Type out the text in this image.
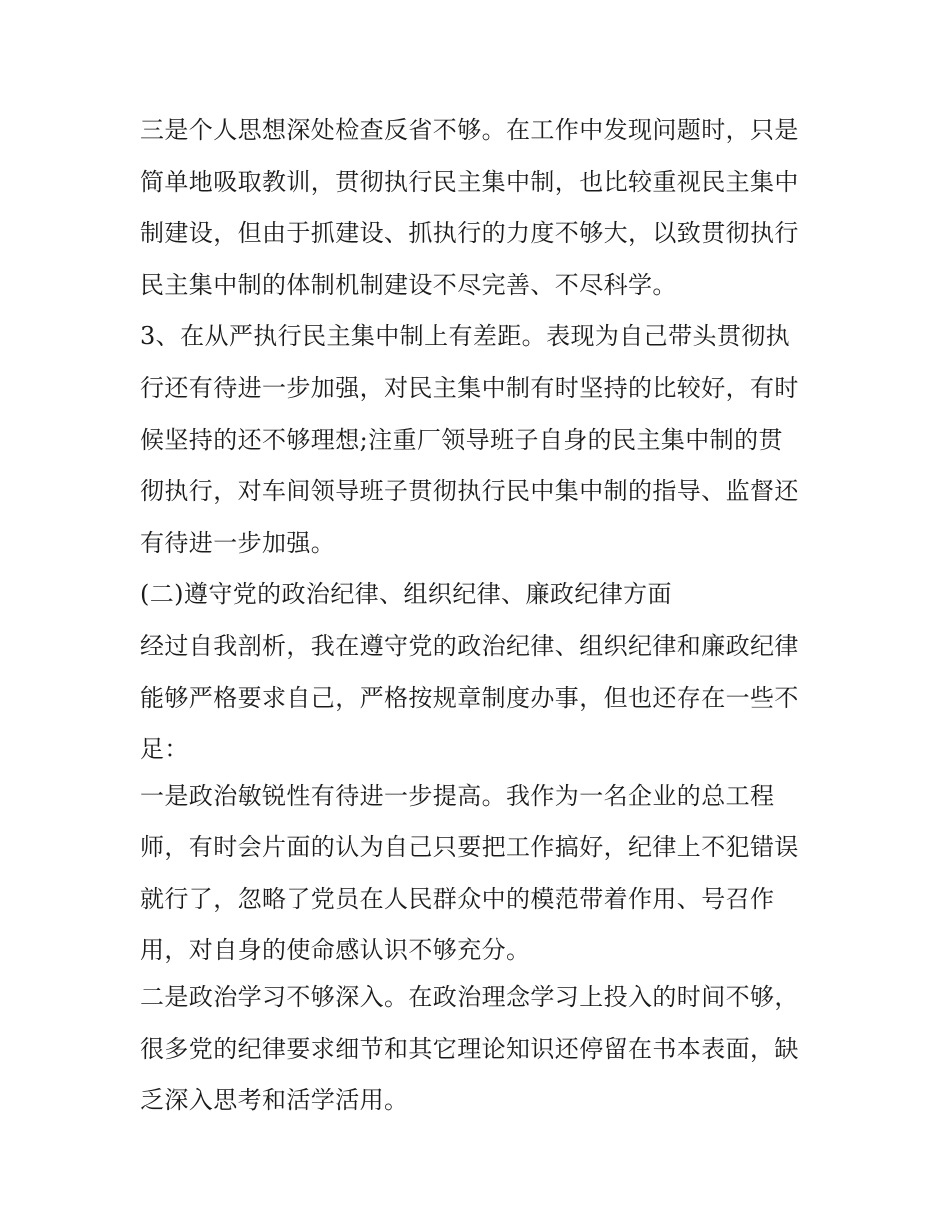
三是个人思想深处检查反省不够。在工作中发现问题时，只是
简单地吸取教训，贯彻执行民主集中制，也比较重视民主集中
制建设，但由于抓建设、抓执行的力度不够大，以致贯彻执行
民主集中制的体制机制建设不尽完善、不尽科学。

3、在从严执行民主集中制上有差距。表现为自己带头贯彻执
行还有待进一步加强，对民主集中制有时坚持的比较好，有时
候坚持的还不够理想;注重厂领导班子自身的民主集中制的贯
彻执行，对车间领导班子贯彻执行民中集中制的指导、监督还
有待进一步加强。

(二)遵守党的政治纪律、组织纪律、廉政纪律方面

经过自我剖析，我在遵守党的政治纪律、组织纪律和廉政纪律
能够严格要求自己，严格按规章制度办事，但也还存在一些不
足：

一是政治敏锐性有待进一步提高。我作为一名企业的总工程
师，有时会片面的认为自己只要把工作搞好，纪律上不犯错误
就行了，忽略了党员在人民群众中的模范带着作用、号召作
用，对自身的使命感认识不够充分。

二是政治学习不够深入。在政治理念学习上投入的时间不够，
很多党的纪律要求细节和其它理论知识还停留在书本表面，缺
乏深入思考和活学活用。
